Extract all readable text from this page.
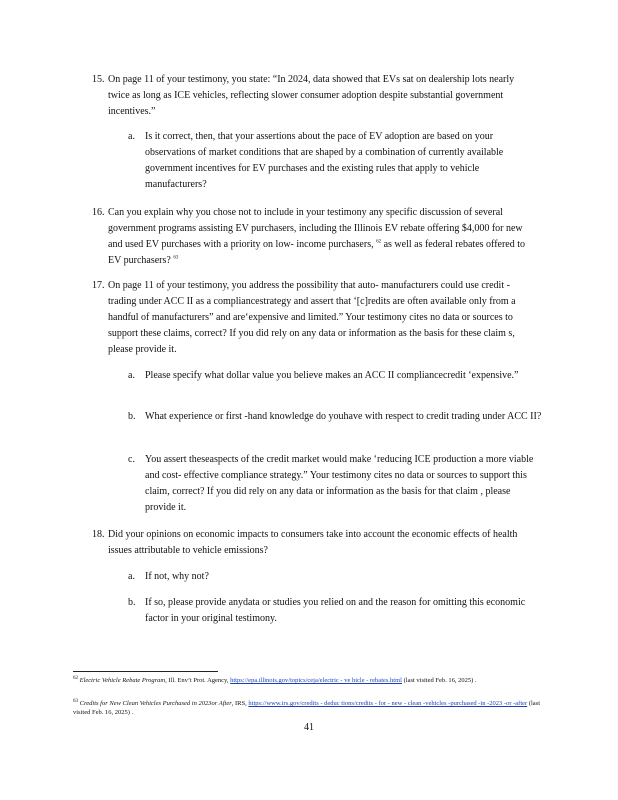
15. On page 11 of your testimony, you state: “In 2024, data showed that EVs sat on dealership lots nearly twice as long as ICE vehicles, reflecting slower consumer adoption despite substantial government incentives.”
a. Is it correct, then, that your assertions about the pace of EV adoption are based on your observations of market conditions that are shaped by a combination of currently available government incentives for EV purchases and the existing rules that apply to vehicle manufacturers?
16. Can you explain why you chose not to include in your testimony any specific discussion of several government programs assisting EV purchasers, including the Illinois EV rebate offering $4,000 for new and used EV purchases with a priority on low- income purchasers, $^{62}$ as well as federal rebates offered to EV purchasers? $^{63}$
17. On page 11 of your testimony, you address the possibility that auto- manufacturers could use credit -trading under ACC II as a compliancestrategy and assert that ‘[c]redits are often available only from a handful of manufacturers” and are‘expensive and limited.” Your testimony cites no data or sources to support these claims, correct? If you did rely on any data or information as the basis for these claim s, please provide it.
a. Please specify what dollar value you believe makes an ACC II compliancecredit ‘expensive.”
b. What experience or first -hand knowledge do youhave with respect to credit trading under ACC II?
c. You assert theseaspects of the credit market would make ‘reducing ICE production a more viable and cost- effective compliance strategy.” Your testimony cites no data or sources to support this claim, correct? If you did rely on any data or information as the basis for that claim , please provide it.
18. Did your opinions on economic impacts to consumers take into account the economic effects of health issues attributable to vehicle emissions?
a. If not, why not?
b. If so, please provide anydata or studies you relied on and the reason for omitting this economic factor in your original testimony.
$^{62}$ Electric Vehicle Rebate Program, Ill. Env’t Prot. Agency, https://epa.illinois.gov/topics/ceja/electric - ve hicle - rebates.html (last visited Feb. 16, 2025) .
$^{63}$ Credits for New Clean Vehicles Purchased in 2023or After, IRS, https://www.irs.gov/credits - deduc tions/credits - for - new - clean -vehicles -purchased -in -2023 -or -after (last visited Feb. 16, 2025) .
41
